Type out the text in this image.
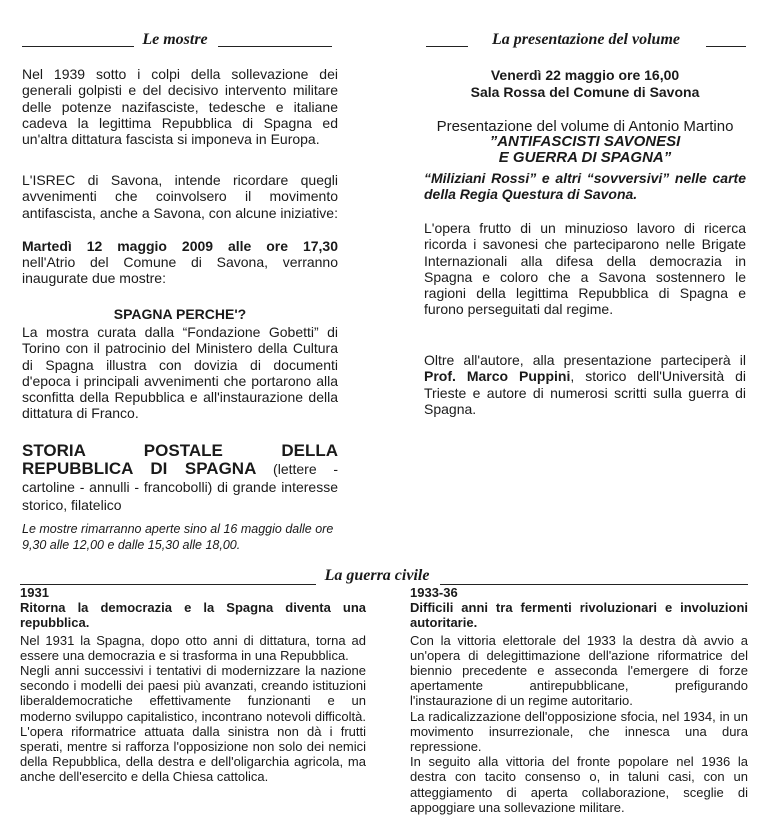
Le mostre
Nel 1939 sotto i colpi della sollevazione dei generali golpisti e del decisivo intervento militare delle potenze nazifasciste, tedesche e italiane cadeva la legittima Repubblica di Spagna ed un'altra dittatura fascista si imponeva in Europa.
L'ISREC di Savona, intende ricordare quegli avvenimenti che coinvolsero il movimento antifascista, anche a Savona, con alcune iniziative:
Martedì 12 maggio 2009 alle ore 17,30
nell'Atrio del Comune di Savona, verranno inaugurate due mostre:
SPAGNA PERCHE'?
La mostra curata dalla “Fondazione Gobetti” di Torino con il patrocinio del Ministero della Cultura di Spagna illustra con dovizia di documenti d'epoca i principali avvenimenti che portarono alla sconfitta della Repubblica e all'instaurazione della dittatura di Franco.
STORIA POSTALE DELLA REPUBBLICA DI SPAGNA (lettere - cartoline - annulli - francobolli) di grande interesse storico, filatelico
Le mostre rimarranno aperte sino al 16 maggio dalle ore 9,30 alle 12,00 e dalle 15,30 alle 18,00.
La presentazione del volume
Venerdì 22 maggio ore 16,00
Sala Rossa del Comune di Savona
Presentazione del volume di Antonio Martino
”ANTIFASCISTI SAVONESI
E GUERRA DI SPAGNA”
“Miliziani Rossi” e altri “sovversivi” nelle carte della Regia Questura di Savona.
L'opera frutto di un minuzioso lavoro di ricerca ricorda i savonesi che parteciparono nelle Brigate Internazionali alla difesa della democrazia in Spagna e coloro che a Savona sostennero le ragioni della legittima Repubblica di Spagna e furono perseguitati dal regime.
Oltre all'autore, alla presentazione parteciperà il Prof. Marco Puppini, storico dell'Università di Trieste e autore di numerosi scritti sulla guerra di Spagna.
La guerra civile

1931

Ritorna la democrazia e la Spagna diventa una repubblica.

Nel 1931 la Spagna, dopo otto anni di dittatura, torna ad essere una democrazia e si trasforma in una Repubblica.

Negli anni successivi i tentativi di modernizzare la nazione secondo i modelli dei paesi più avanzati, creando istituzioni liberaldemocratiche effettivamente funzionanti e un moderno sviluppo capitalistico, incontrano notevoli difficoltà. L'opera riformatrice attuata dalla sinistra non dà i frutti sperati, mentre si rafforza l'opposizione non solo dei nemici della Repubblica, della destra e dell'oligarchia agricola, ma anche dell'esercito e della Chiesa cattolica.

1933-36

Difficili anni tra fermenti rivoluzionari e involuzioni autoritarie.

Con la vittoria elettorale del 1933 la destra dà avvio a un'opera di delegittimazione dell'azione riformatrice del biennio precedente e asseconda l'emergere di forze apertamente antirepubblicane, prefigurando l'instaurazione di un regime autoritario.

La radicalizzazione dell'opposizione sfocia, nel 1934, in un movimento insurrezionale, che innesca una dura repressione.

In seguito alla vittoria del fronte popolare nel 1936 la destra con tacito consenso o, in taluni casi, con un atteggiamento di aperta collaborazione, sceglie di appoggiare una sollevazione militare.
